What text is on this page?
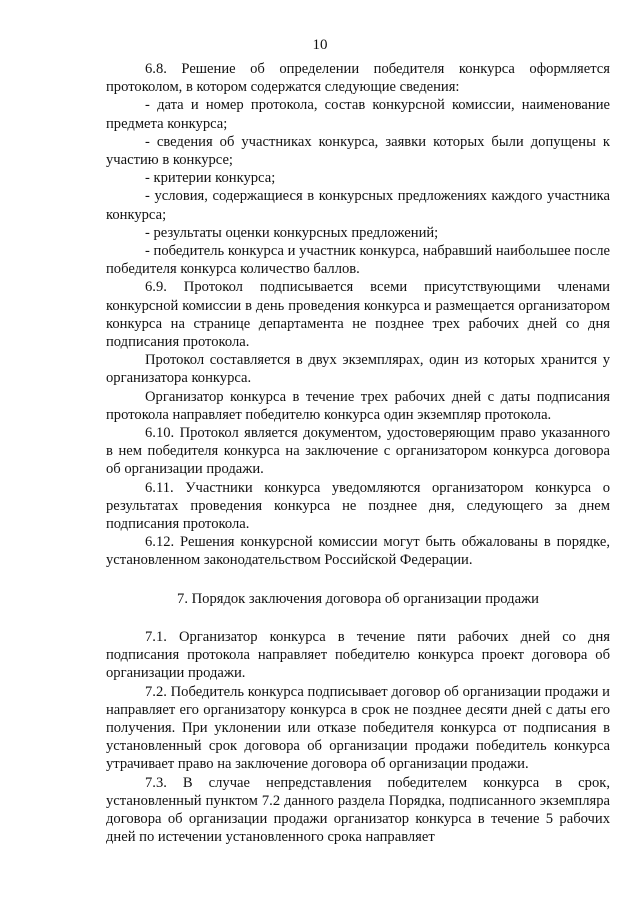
10

6.8. Решение об определении победителя конкурса оформляется протоколом, в котором содержатся следующие сведения:

- дата и номер протокола, состав конкурсной комиссии, наименование предмета конкурса;

- сведения об участниках конкурса, заявки которых были допущены к участию в конкурсе;

- критерии конкурса;

- условия, содержащиеся в конкурсных предложениях каждого участника конкурса;

- результаты оценки конкурсных предложений;

- победитель конкурса и участник конкурса, набравший наибольшее после победителя конкурса количество баллов.

6.9. Протокол подписывается всеми присутствующими членами конкурсной комиссии в день проведения конкурса и размещается организатором конкурса на странице департамента не позднее трех рабочих дней со дня подписания протокола.

Протокол составляется в двух экземплярах, один из которых хранится у организатора конкурса.

Организатор конкурса в течение трех рабочих дней с даты подписания протокола направляет победителю конкурса один экземпляр протокола.

6.10. Протокол является документом, удостоверяющим право указанного в нем победителя конкурса на заключение с организатором конкурса договора об организации продажи.

6.11. Участники конкурса уведомляются организатором конкурса о результатах проведения конкурса не позднее дня, следующего за днем подписания протокола.

6.12. Решения конкурсной комиссии могут быть обжалованы в порядке, установленном законодательством Российской Федерации.

7. Порядок заключения договора об организации продажи

7.1. Организатор конкурса в течение пяти рабочих дней со дня подписания протокола направляет победителю конкурса проект договора об организации продажи.

7.2. Победитель конкурса подписывает договор об организации продажи и направляет его организатору конкурса в срок не позднее десяти дней с даты его получения. При уклонении или отказе победителя конкурса от подписания в установленный срок договора об организации продажи победитель конкурса утрачивает право на заключение договора об организации продажи.

7.3. В случае непредставления победителем конкурса в срок, установленный пунктом 7.2 данного раздела Порядка, подписанного экземпляра договора об организации продажи организатор конкурса в течение 5 рабочих дней по истечении установленного срока направляет
